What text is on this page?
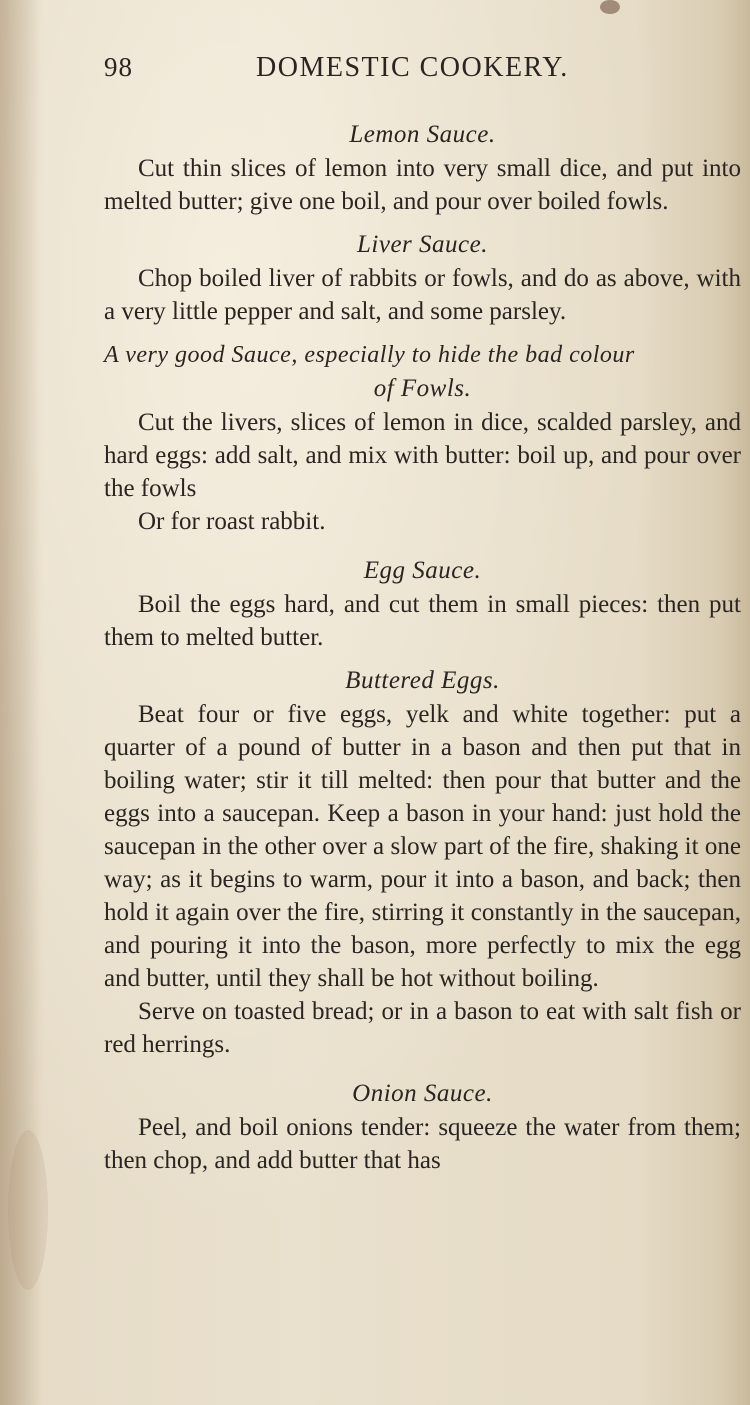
98	DOMESTIC COOKERY.
Lemon Sauce.

Cut thin slices of lemon into very small dice, and put into melted butter; give one boil, and pour over boiled fowls.

Liver Sauce.

Chop boiled liver of rabbits or fowls, and do as above, with a very little pepper and salt, and some parsley.

A very good Sauce, especially to hide the bad colour
of Fowls.

Cut the livers, slices of lemon in dice, scalded parsley, and hard eggs: add salt, and mix with butter: boil up, and pour over the fowls

Or for roast rabbit.

Egg Sauce.

Boil the eggs hard, and cut them in small pieces: then put them to melted butter.

Buttered Eggs.

Beat four or five eggs, yelk and white together: put a quarter of a pound of butter in a bason and then put that in boiling water; stir it till melted: then pour that butter and the eggs into a saucepan. Keep a bason in your hand: just hold the saucepan in the other over a slow part of the fire, shaking it one way; as it begins to warm, pour it into a bason, and back; then hold it again over the fire, stirring it constantly in the saucepan, and pouring it into the bason, more perfectly to mix the egg and butter, until they shall be hot without boiling.

Serve on toasted bread; or in a bason to eat with salt fish or red herrings.

Onion Sauce.

Peel, and boil onions tender: squeeze the water from them; then chop, and add butter that has
